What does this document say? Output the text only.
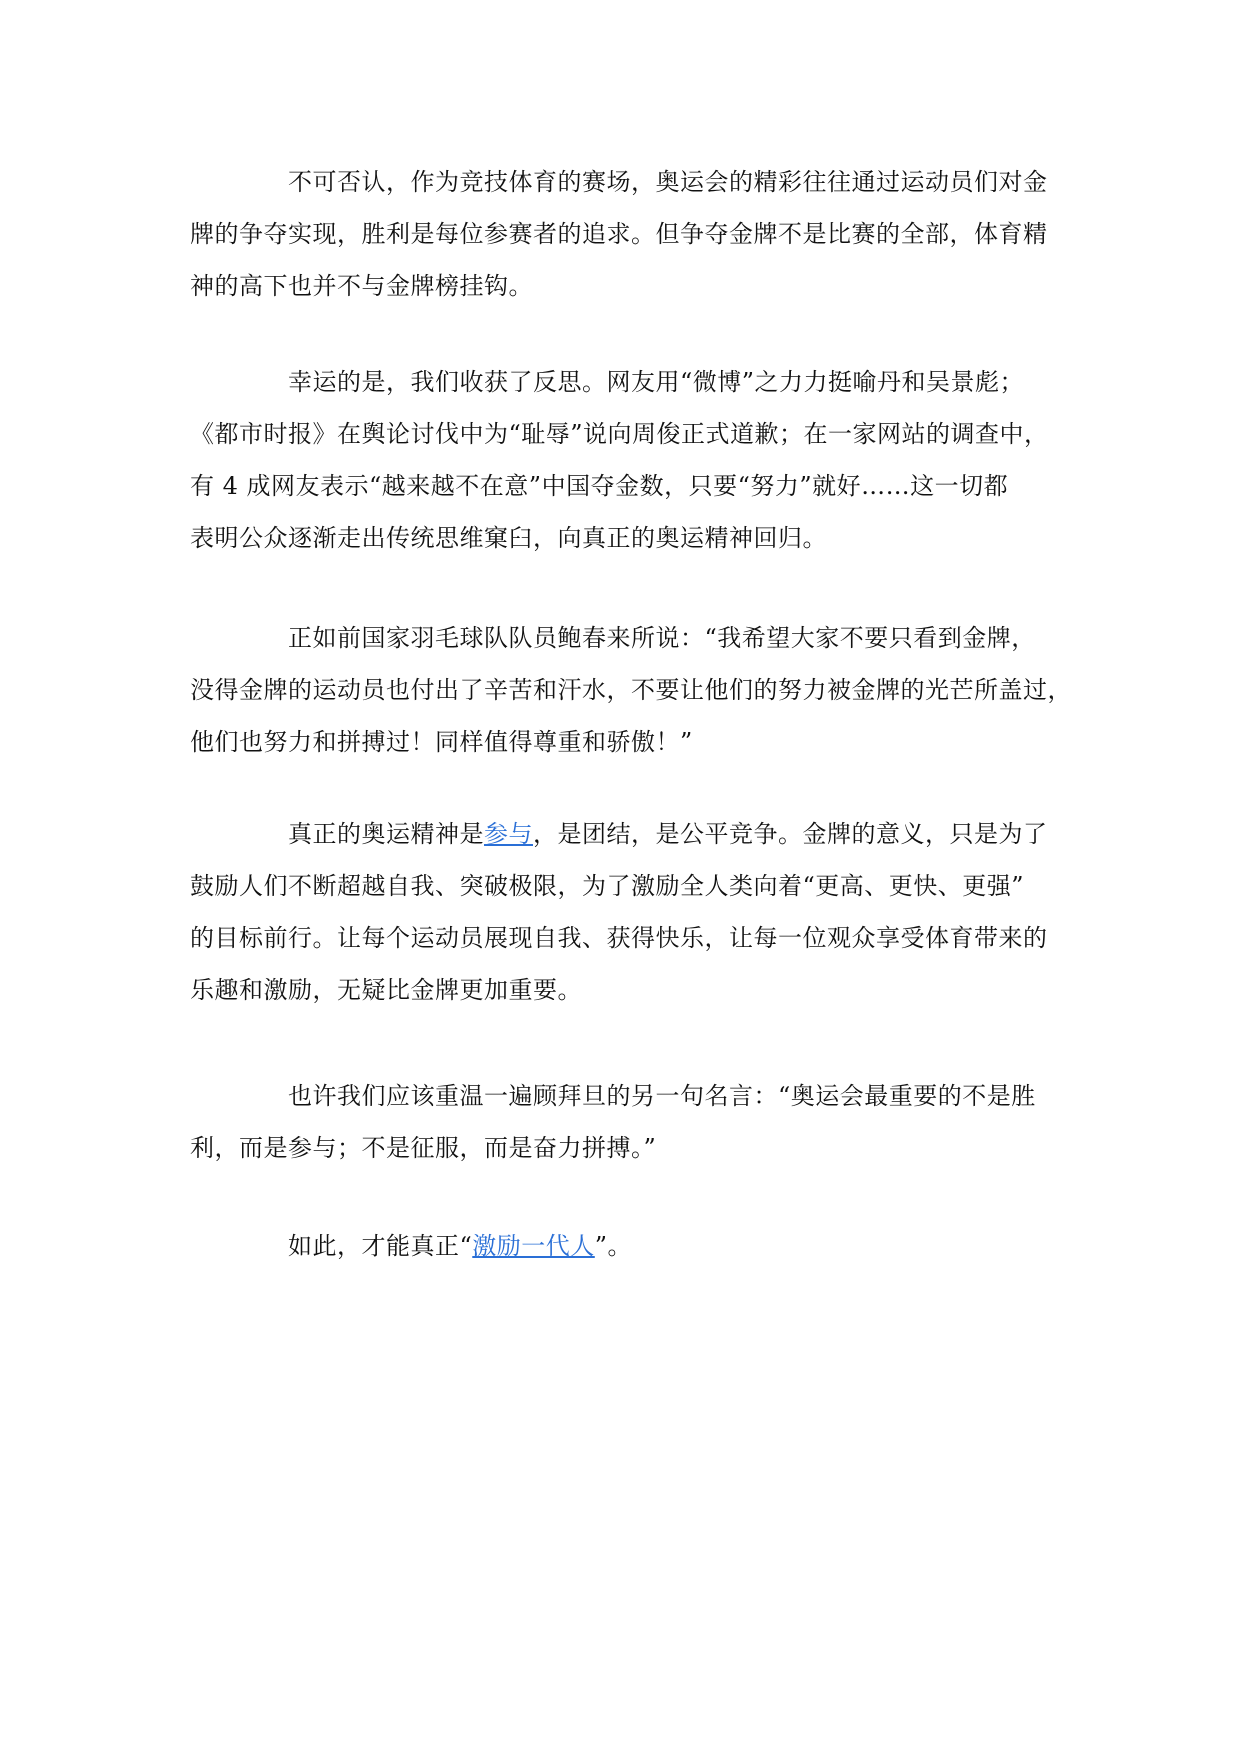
不可否认，作为竞技体育的赛场，奥运会的精彩往往通过运动员们对金
牌的争夺实现，胜利是每位参赛者的追求。但争夺金牌不是比赛的全部，体育精
神的高下也并不与金牌榜挂钩。

幸运的是，我们收获了反思。网友用“微博”之力力挺喻丹和吴景彪；
《都市时报》在舆论讨伐中为“耻辱”说向周俊正式道歉；在一家网站的调查中，
有 4 成网友表示“越来越不在意”中国夺金数，只要“努力”就好……这一切都
表明公众逐渐走出传统思维窠臼，向真正的奥运精神回归。

正如前国家羽毛球队队员鲍春来所说：“我希望大家不要只看到金牌，
没得金牌的运动员也付出了辛苦和汗水，不要让他们的努力被金牌的光芒所盖过，
他们也努力和拼搏过！同样值得尊重和骄傲！”

真正的奥运精神是参与，是团结，是公平竞争。金牌的意义，只是为了
鼓励人们不断超越自我、突破极限，为了激励全人类向着“更高、更快、更强”
的目标前行。让每个运动员展现自我、获得快乐，让每一位观众享受体育带来的
乐趣和激励，无疑比金牌更加重要。

也许我们应该重温一遍顾拜旦的另一句名言：“奥运会最重要的不是胜
利，而是参与；不是征服，而是奋力拼搏。”

如此，才能真正“激励一代人”。
